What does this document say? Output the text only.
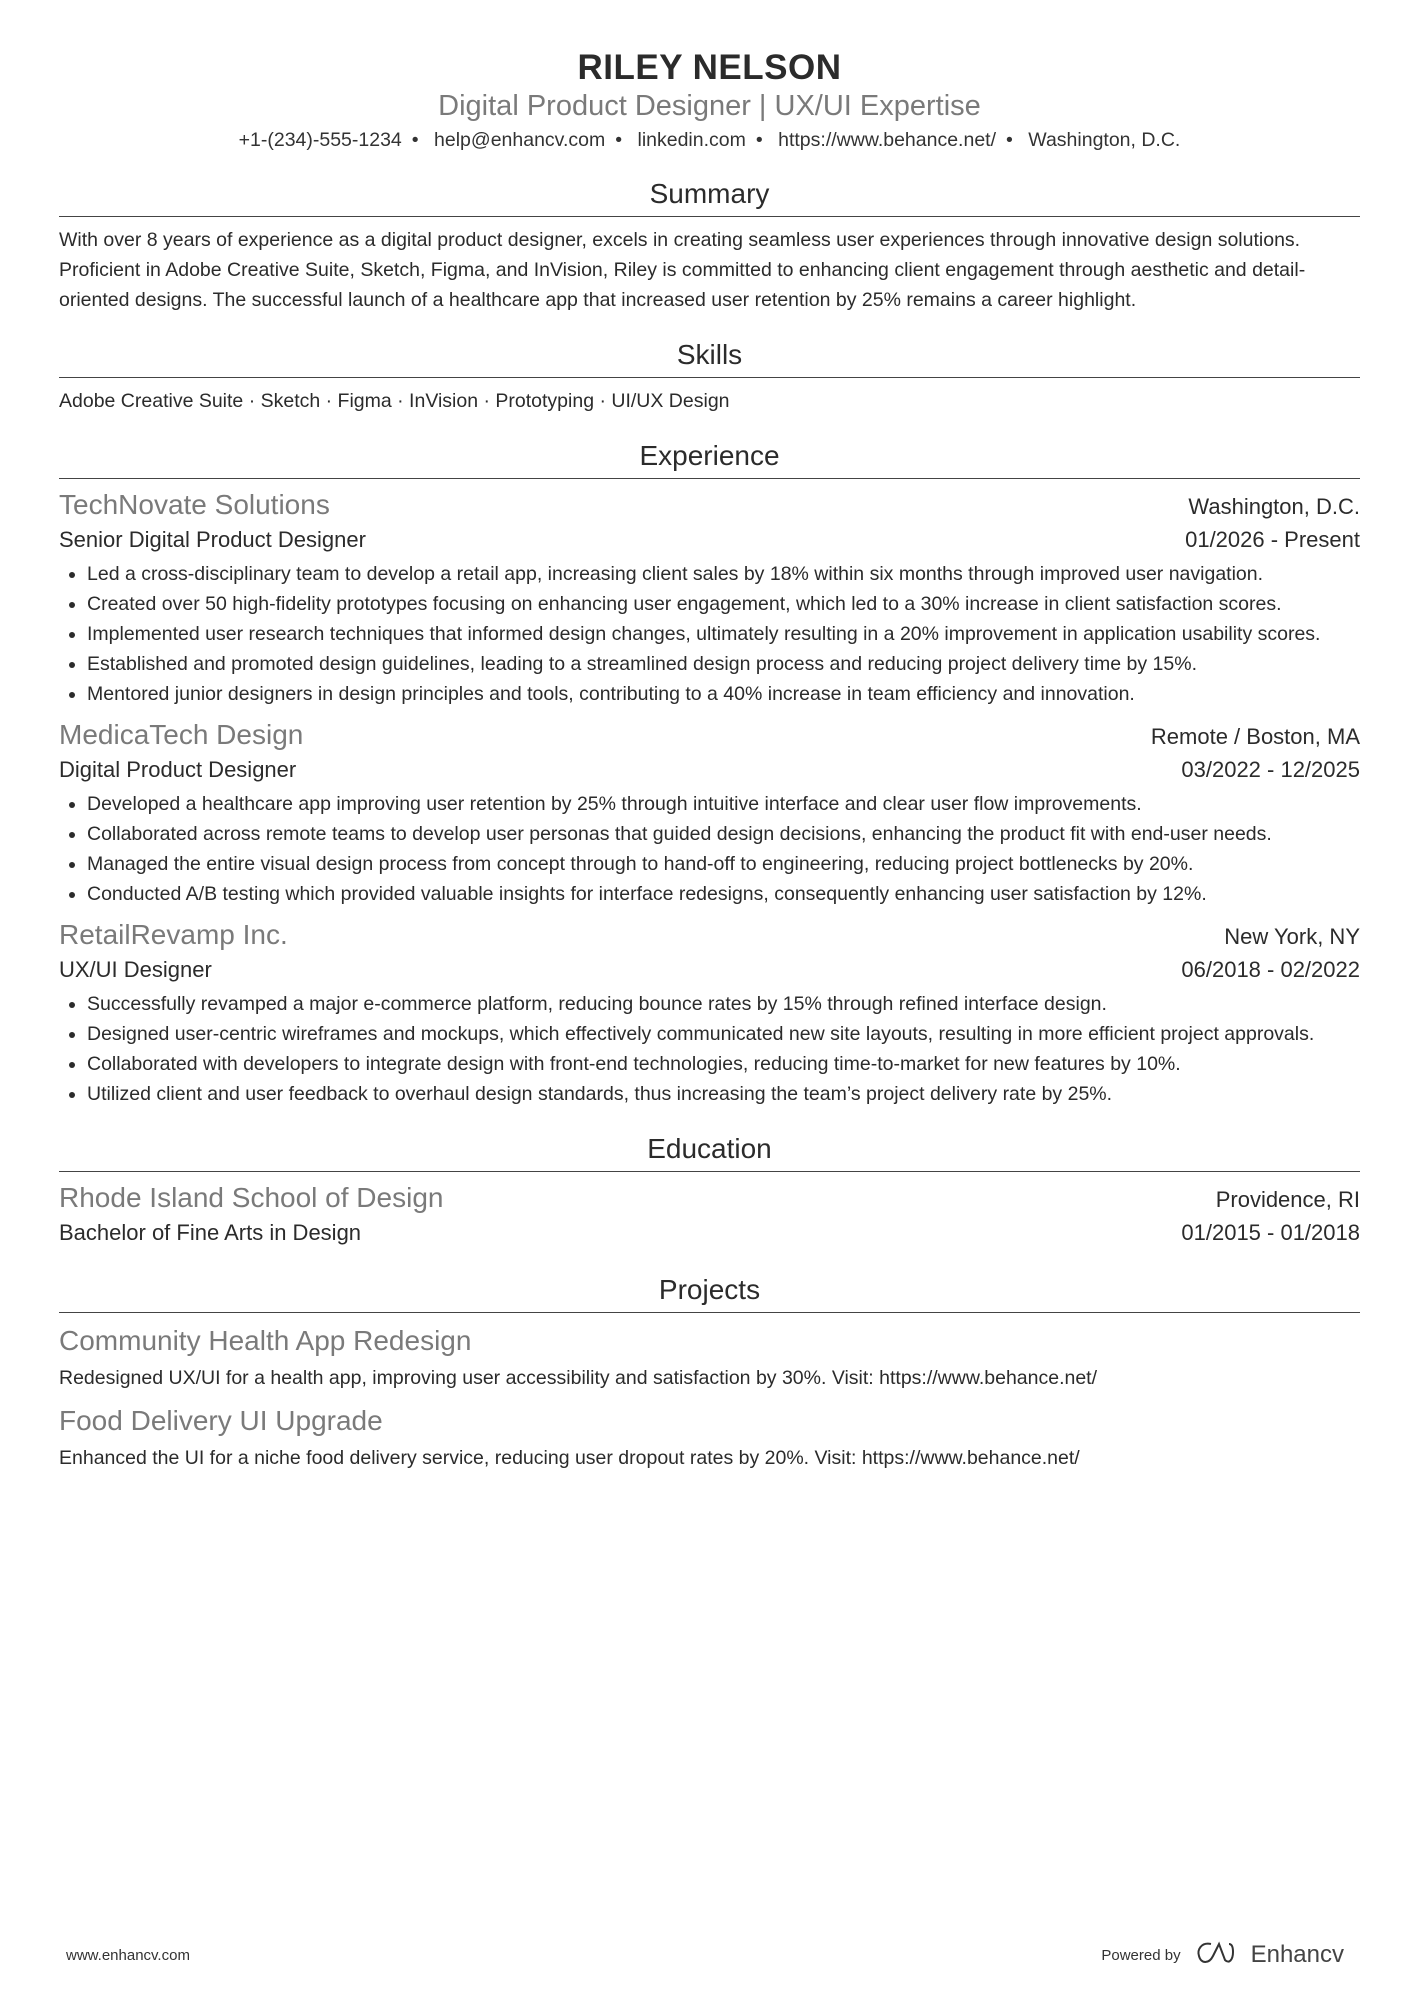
RILEY NELSON
Digital Product Designer | UX/UI Expertise
+1-(234)-555-1234 • help@enhancv.com • linkedin.com • https://www.behance.net/ • Washington, D.C.
Summary
With over 8 years of experience as a digital product designer, excels in creating seamless user experiences through innovative design solutions. Proficient in Adobe Creative Suite, Sketch, Figma, and InVision, Riley is committed to enhancing client engagement through aesthetic and detail-oriented designs. The successful launch of a healthcare app that increased user retention by 25% remains a career highlight.
Skills
Adobe Creative Suite · Sketch · Figma · InVision · Prototyping · UI/UX Design
Experience
TechNovate Solutions	Washington, D.C.
Senior Digital Product Designer	01/2026 - Present
• Led a cross-disciplinary team to develop a retail app, increasing client sales by 18% within six months through improved user navigation.
• Created over 50 high-fidelity prototypes focusing on enhancing user engagement, which led to a 30% increase in client satisfaction scores.
• Implemented user research techniques that informed design changes, ultimately resulting in a 20% improvement in application usability scores.
• Established and promoted design guidelines, leading to a streamlined design process and reducing project delivery time by 15%.
• Mentored junior designers in design principles and tools, contributing to a 40% increase in team efficiency and innovation.
MedicaTech Design	Remote / Boston, MA
Digital Product Designer	03/2022 - 12/2025
• Developed a healthcare app improving user retention by 25% through intuitive interface and clear user flow improvements.
• Collaborated across remote teams to develop user personas that guided design decisions, enhancing the product fit with end-user needs.
• Managed the entire visual design process from concept through to hand-off to engineering, reducing project bottlenecks by 20%.
• Conducted A/B testing which provided valuable insights for interface redesigns, consequently enhancing user satisfaction by 12%.
RetailRevamp Inc.	New York, NY
UX/UI Designer	06/2018 - 02/2022
• Successfully revamped a major e-commerce platform, reducing bounce rates by 15% through refined interface design.
• Designed user-centric wireframes and mockups, which effectively communicated new site layouts, resulting in more efficient project approvals.
• Collaborated with developers to integrate design with front-end technologies, reducing time-to-market for new features by 10%.
• Utilized client and user feedback to overhaul design standards, thus increasing the team’s project delivery rate by 25%.
Education
Rhode Island School of Design	Providence, RI
Bachelor of Fine Arts in Design	01/2015 - 01/2018
Projects
Community Health App Redesign
Redesigned UX/UI for a health app, improving user accessibility and satisfaction by 30%. Visit: https://www.behance.net/
Food Delivery UI Upgrade
Enhanced the UI for a niche food delivery service, reducing user dropout rates by 20%. Visit: https://www.behance.net/
www.enhancv.com	Powered by	Enhancv
